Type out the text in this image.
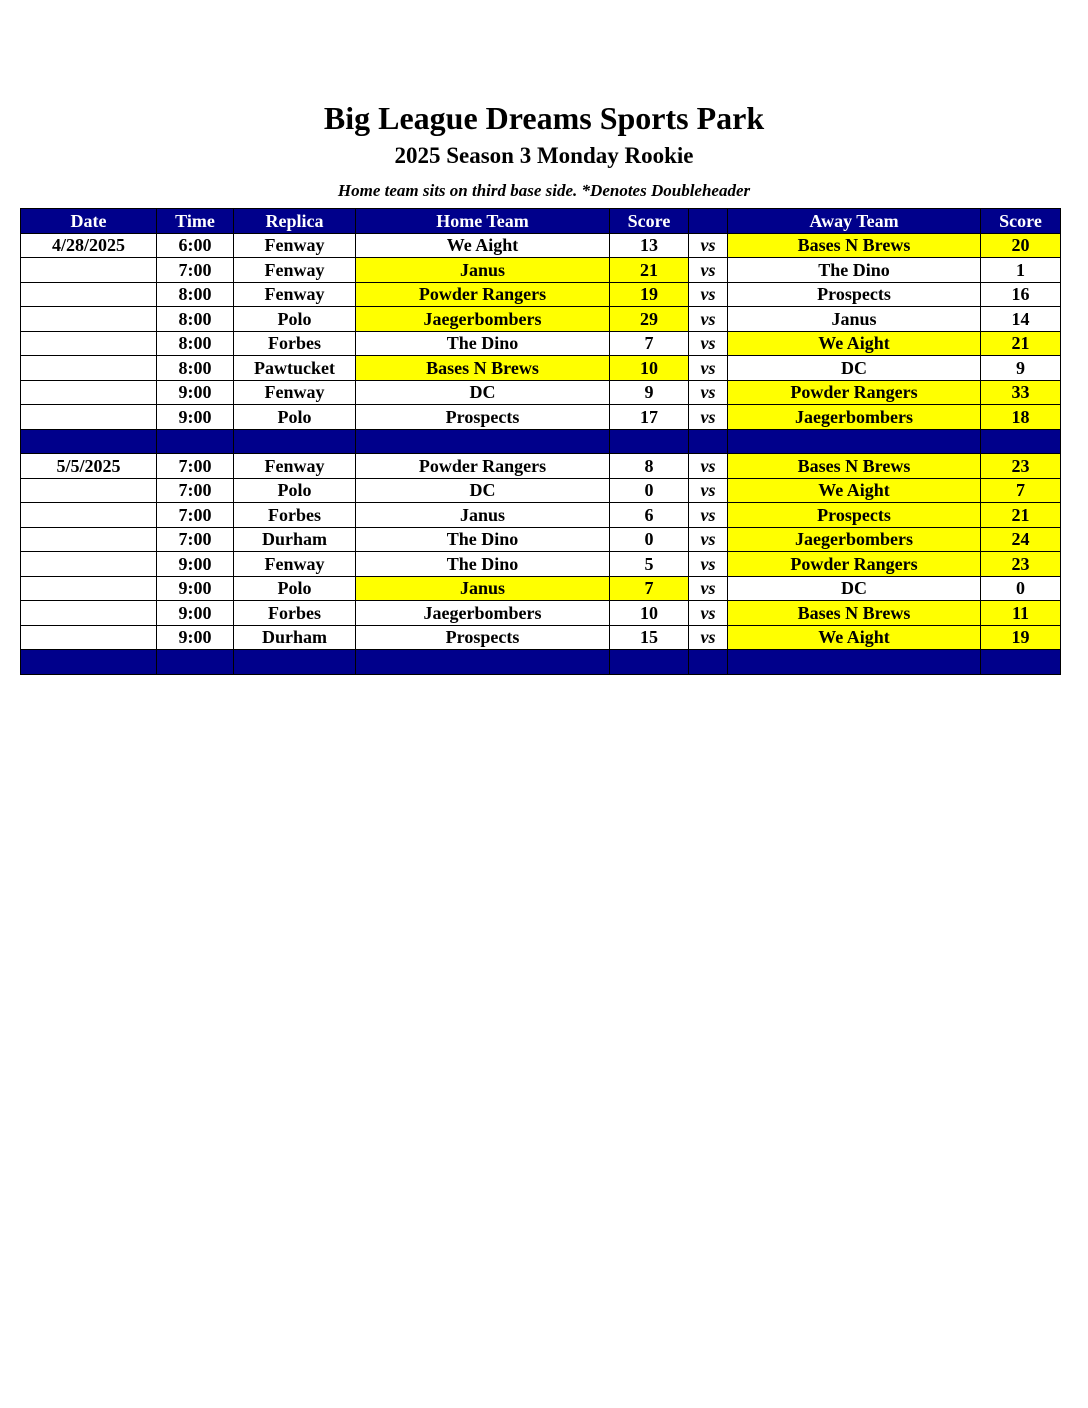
Big League Dreams Sports Park
2025 Season 3 Monday Rookie
Home team sits on third base side. *Denotes Doubleheader
Date	Time	Replica	Home Team	Score		Away Team	Score
4/28/2025	6:00	Fenway	We Aight	13	vs	Bases N Brews	20
	7:00	Fenway	Janus	21	vs	The Dino	1
	8:00	Fenway	Powder Rangers	19	vs	Prospects	16
	8:00	Polo	Jaegerbombers	29	vs	Janus	14
	8:00	Forbes	The Dino	7	vs	We Aight	21
	8:00	Pawtucket	Bases N Brews	10	vs	DC	9
	9:00	Fenway	DC	9	vs	Powder Rangers	33
	9:00	Polo	Prospects	17	vs	Jaegerbombers	18

5/5/2025	7:00	Fenway	Powder Rangers	8	vs	Bases N Brews	23
	7:00	Polo	DC	0	vs	We Aight	7
	7:00	Forbes	Janus	6	vs	Prospects	21
	7:00	Durham	The Dino	0	vs	Jaegerbombers	24
	9:00	Fenway	The Dino	5	vs	Powder Rangers	23
	9:00	Polo	Janus	7	vs	DC	0
	9:00	Forbes	Jaegerbombers	10	vs	Bases N Brews	11
	9:00	Durham	Prospects	15	vs	We Aight	19
